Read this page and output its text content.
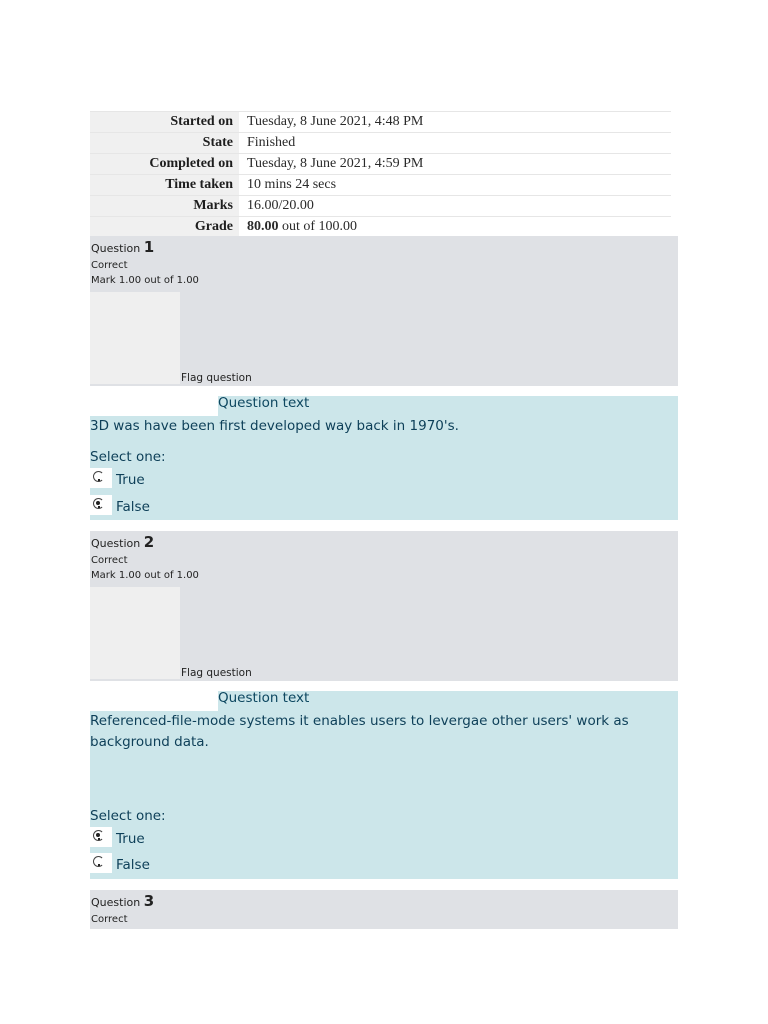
Started on	Tuesday, 8 June 2021, 4:48 PM
State	Finished
Completed on	Tuesday, 8 June 2021, 4:59 PM
Time taken	10 mins 24 secs
Marks	16.00/20.00
Grade	80.00 out of 100.00
Question 1
Correct
Mark 1.00 out of 1.00
Flag question
Question text
3D was have been first developed way back in 1970's.
Select one:
True
False
Question 2
Correct
Mark 1.00 out of 1.00
Flag question
Question text
Referenced-file-mode systems it enables users to levergae other users' work as background data.
Select one:
True
False
Question 3
Correct
